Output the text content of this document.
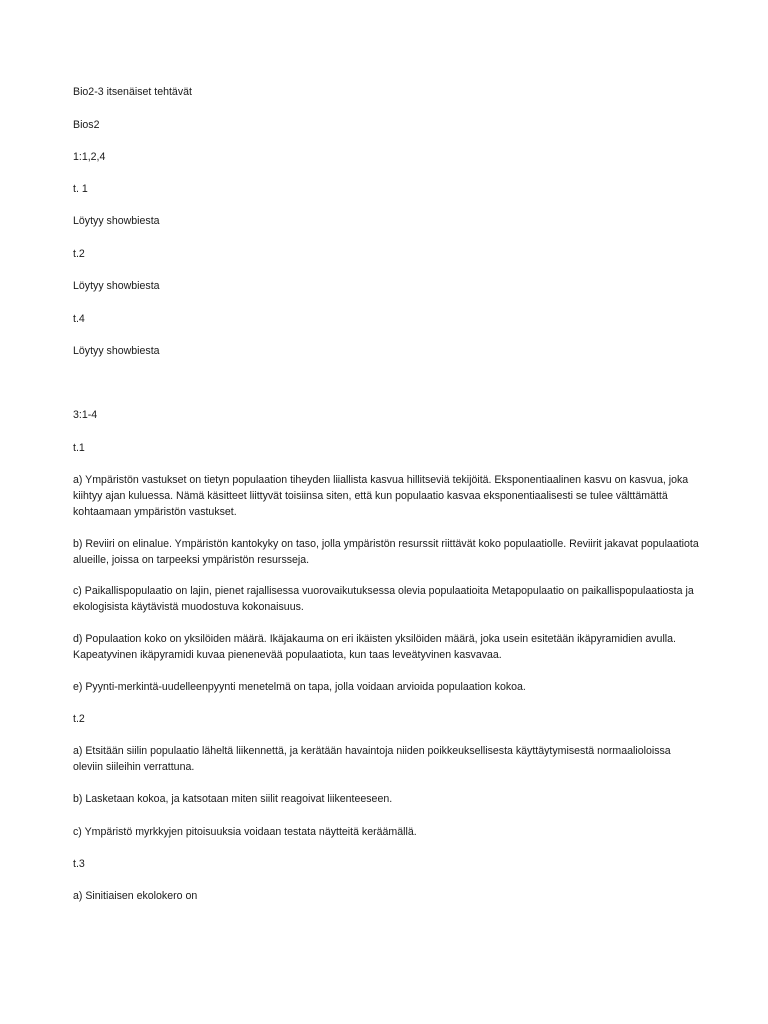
Bio2-3 itsenäiset tehtävät

Bios2

1:1,2,4

t. 1

Löytyy showbiesta

t.2

Löytyy showbiesta

t.4

Löytyy showbiesta

3:1-4

t.1

a) Ympäristön vastukset on tietyn populaation tiheyden liiallista kasvua hillitseviä tekijöitä. Eksponentiaalinen kasvu on kasvua, joka
kiihtyy ajan kuluessa. Nämä käsitteet liittyvät toisiinsa siten, että kun populaatio kasvaa eksponentiaalisesti se tulee välttämättä
kohtaamaan ympäristön vastukset.
b) Reviiri on elinalue. Ympäristön kantokyky on taso, jolla ympäristön resurssit riittävät koko populaatiolle. Reviirit jakavat populaatiota
alueille, joissa on tarpeeksi ympäristön resursseja.
c) Paikallispopulaatio on lajin, pienet rajallisessa vuorovaikutuksessa olevia populaatioita Metapopulaatio on paikallispopulaatiosta ja
ekologisista käytävistä muodostuva kokonaisuus.
d) Populaation koko on yksilöiden määrä. Ikäjakauma on eri ikäisten yksilöiden määrä, joka usein esitetään ikäpyramidien avulla.
Kapeatyvinen ikäpyramidi kuvaa pienenevää populaatiota, kun taas leveätyvinen kasvavaa.
e) Pyynti-merkintä-uudelleenpyynti menetelmä on tapa, jolla voidaan arvioida populaation kokoa.

t.2

a) Etsitään siilin populaatio läheltä liikennettä, ja kerätään havaintoja niiden poikkeuksellisesta käyttäytymisestä normaalioloissa
oleviin siileihin verrattuna.
b) Lasketaan kokoa, ja katsotaan miten siilit reagoivat liikenteeseen.
c) Ympäristö myrkkyjen pitoisuuksia voidaan testata näytteitä keräämällä.

t.3

a) Sinitiaisen ekolokero on
